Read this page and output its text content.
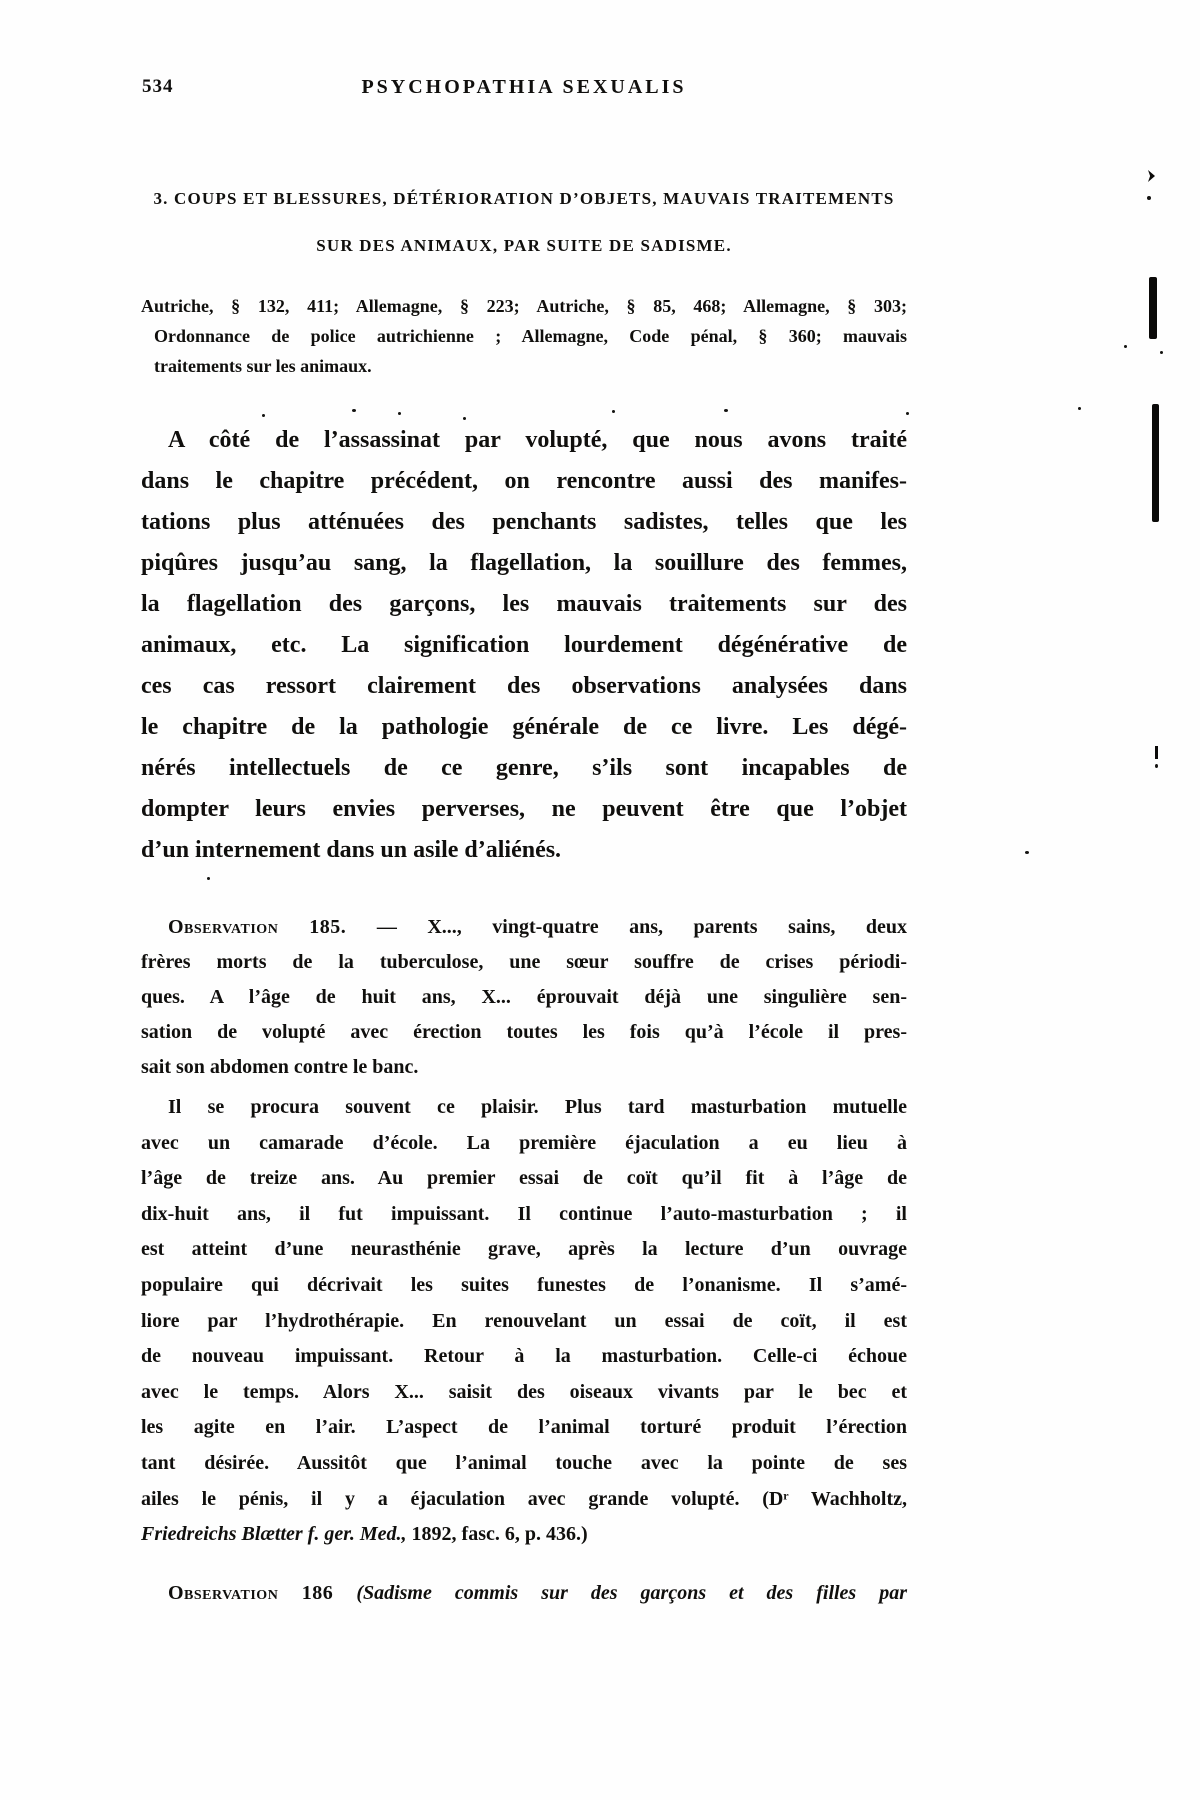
534	PSYCHOPATHIA SEXUALIS
3. COUPS ET BLESSURES, DÉTÉRIORATION D’OBJETS, MAUVAIS TRAITEMENTS
SUR DES ANIMAUX, PAR SUITE DE SADISME.
Autriche, § 132, 411; Allemagne, § 223; Autriche, § 85, 468; Allemagne, § 303;
Ordonnance de police autrichienne ; Allemagne, Code pénal, § 360; mauvais
traitements sur les animaux.
A côté de l’assassinat par volupté, que nous avons traité
dans le chapitre précédent, on rencontre aussi des manifes-
tations plus atténuées des penchants sadistes, telles que les
piqûres jusqu’au sang, la flagellation, la souillure des femmes,
la flagellation des garçons, les mauvais traitements sur des
animaux, etc. La signification lourdement dégénérative de
ces cas ressort clairement des observations analysées dans
le chapitre de la pathologie générale de ce livre. Les dégé-
nérés intellectuels de ce genre, s’ils sont incapables de
dompter leurs envies perverses, ne peuvent être que l’objet
d’un internement dans un asile d’aliénés.
Observation 185. — X..., vingt-quatre ans, parents sains, deux
frères morts de la tuberculose, une sœur souffre de crises périodi-
ques. A l’âge de huit ans, X... éprouvait déjà une singulière sen-
sation de volupté avec érection toutes les fois qu’à l’école il pres-
sait son abdomen contre le banc.
Il se procura souvent ce plaisir. Plus tard masturbation mutuelle
avec un camarade d’école. La première éjaculation a eu lieu à
l’âge de treize ans. Au premier essai de coït qu’il fit à l’âge de
dix-huit ans, il fut impuissant. Il continue l’auto-masturbation ; il
est atteint d’une neurasthénie grave, après la lecture d’un ouvrage
populaire qui décrivait les suites funestes de l’onanisme. Il s’amé-
liore par l’hydrothérapie. En renouvelant un essai de coït, il est
de nouveau impuissant. Retour à la masturbation. Celle-ci échoue
avec le temps. Alors X... saisit des oiseaux vivants par le bec et
les agite en l’air. L’aspect de l’animal torturé produit l’érection
tant désirée. Aussitôt que l’animal touche avec la pointe de ses
ailes le pénis, il y a éjaculation avec grande volupté. (Dʳ Wachholtz,
Friedreichs Blætter f. ger. Med., 1892, fasc. 6, p. 436.)
Observation 186 (Sadisme commis sur des garçons et des filles par
